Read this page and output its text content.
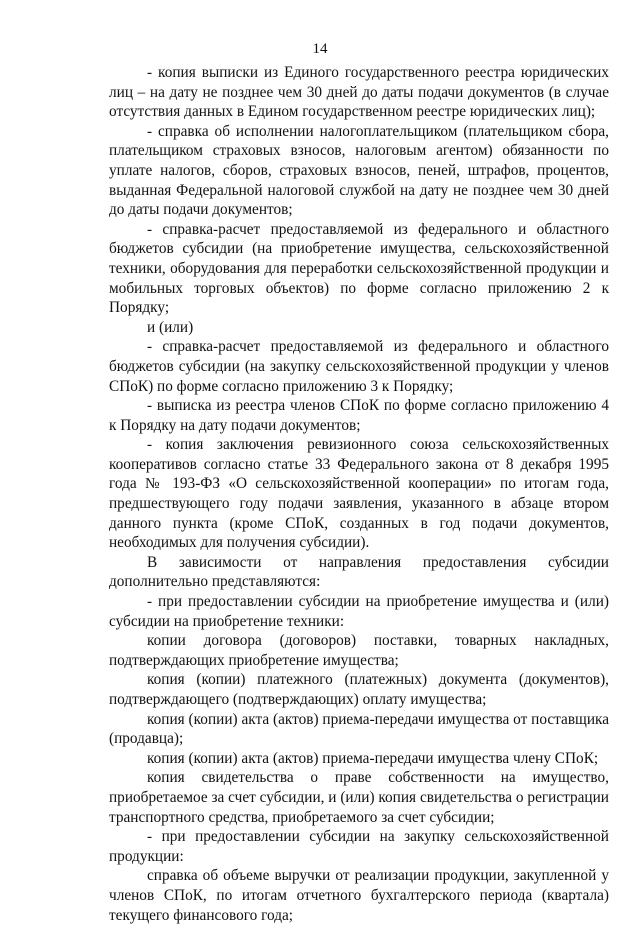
14

- копия выписки из Единого государственного реестра юридических лиц – на дату не позднее чем 30 дней до даты подачи документов (в случае отсутствия данных в Едином государственном реестре юридических лиц);

- справка об исполнении налогоплательщиком (плательщиком сбора, плательщиком страховых взносов, налоговым агентом) обязанности по уплате налогов, сборов, страховых взносов, пеней, штрафов, процентов, выданная Федеральной налоговой службой на дату не позднее чем 30 дней до даты подачи документов;

- справка-расчет предоставляемой из федерального и областного бюджетов субсидии (на приобретение имущества, сельскохозяйственной техники, оборудования для переработки сельскохозяйственной продукции и мобильных торговых объектов) по форме согласно приложению 2 к Порядку;

и (или)

- справка-расчет предоставляемой из федерального и областного бюджетов субсидии (на закупку сельскохозяйственной продукции у членов СПоК) по форме согласно приложению 3 к Порядку;

- выписка из реестра членов СПоК по форме согласно приложению 4 к Порядку на дату подачи документов;

- копия заключения ревизионного союза сельскохозяйственных кооперативов согласно статье 33 Федерального закона от 8 декабря 1995 года № 193-ФЗ «О сельскохозяйственной кооперации» по итогам года, предшествующего году подачи заявления, указанного в абзаце втором данного пункта (кроме СПоК, созданных в год подачи документов, необходимых для получения субсидии).

В зависимости от направления предоставления субсидии дополнительно представляются:

- при предоставлении субсидии на приобретение имущества и (или) субсидии на приобретение техники:

копии договора (договоров) поставки, товарных накладных, подтверждающих приобретение имущества;

копия (копии) платежного (платежных) документа (документов), подтверждающего (подтверждающих) оплату имущества;

копия (копии) акта (актов) приема-передачи имущества от поставщика (продавца);

копия (копии) акта (актов) приема-передачи имущества члену СПоК;

копия свидетельства о праве собственности на имущество, приобретаемое за счет субсидии, и (или) копия свидетельства о регистрации транспортного средства, приобретаемого за счет субсидии;

- при предоставлении субсидии на закупку сельскохозяйственной продукции:

справка об объеме выручки от реализации продукции, закупленной у членов СПоК, по итогам отчетного бухгалтерского периода (квартала) текущего финансового года;
